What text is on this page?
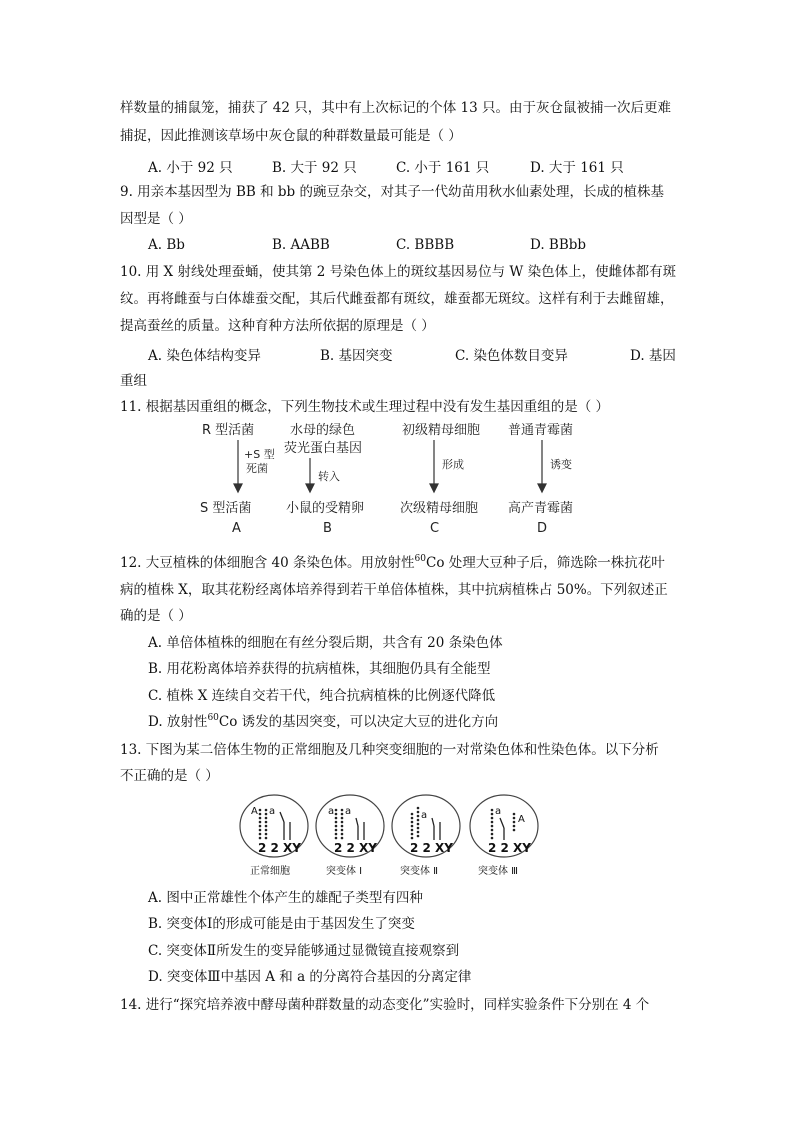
样数量的捕鼠笼，捕获了 42 只，其中有上次标记的个体 13 只。由于灰仓鼠被捕一次后更难
捕捉，因此推测该草场中灰仓鼠的种群数量最可能是（ ）
A. 小于 92 只	B. 大于 92 只	C. 小于 161 只	D. 大于 161 只
9. 用亲本基因型为 BB 和 bb 的豌豆杂交，对其子一代幼苗用秋水仙素处理，长成的植株基
因型是（ ）
A. Bb	B. AABB	C. BBBB	D. BBbb
10. 用 X 射线处理蚕蛹，使其第 2 号染色体上的斑纹基因易位与 W 染色体上，使雌体都有斑
纹。再将雌蚕与白体雄蚕交配，其后代雌蚕都有斑纹，雄蚕都无斑纹。这样有利于去雌留雄，
提高蚕丝的质量。这种育种方法所依据的原理是（ ）
A. 染色体结构变异	B. 基因突变	C. 染色体数目变异	D. 基因
重组
11. 根据基因重组的概念，下列生物技术或生理过程中没有发生基因重组的是（ ）
R 型活菌	水母的绿色
荧光蛋白基因
初级精母细胞 普通青霉菌
+S 型
死菌
转入
形成	诱变
S 型活菌	小鼠的受精卵	次级精母细胞 高产青霉菌
A	B	C	D
12. 大豆植株的体细胞含 40 条染色体。用放射性$^{60}$Co 处理大豆种子后，筛选除一株抗花叶
病的植株 X，取其花粉经离体培养得到若干单倍体植株，其中抗病植株占 50%。下列叙述正
确的是（ ）
A. 单倍体植株的细胞在有丝分裂后期，共含有 20 条染色体
B. 用花粉离体培养获得的抗病植株，其细胞仍具有全能型
C. 植株 X 连续自交若干代，纯合抗病植株的比例逐代降低
D. 放射性$^{60}$Co 诱发的基因突变，可以决定大豆的进化方向
13. 下图为某二倍体生物的正常细胞及几种突变细胞的一对常染色体和性染色体。以下分析
不正确的是（ ）
A a	a a	a	a
A
2 2 XY	2 2 XY	2 2 XY	2 2 XY
正常细胞	突变体 Ⅰ	突变体 Ⅱ	突变体 Ⅲ
A. 图中正常雄性个体产生的雄配子类型有四种
B. 突变体Ⅰ的形成可能是由于基因发生了突变
C. 突变体Ⅱ所发生的变异能够通过显微镜直接观察到
D. 突变体Ⅲ中基因 A 和 a 的分离符合基因的分离定律
14. 进行“探究培养液中酵母菌种群数量的动态变化”实验时，同样实验条件下分别在 4 个
